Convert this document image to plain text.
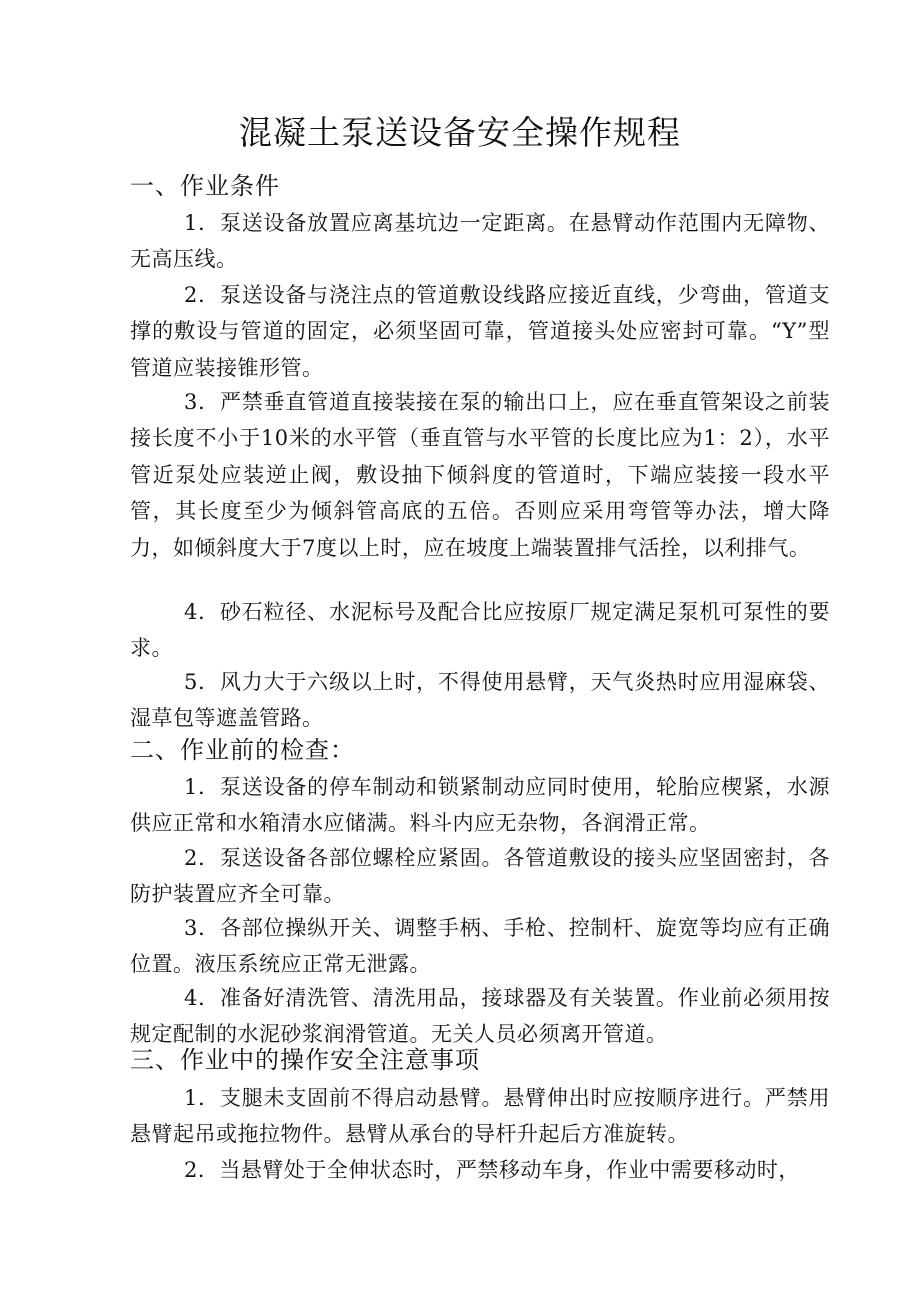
混凝土泵送设备安全操作规程
一、作业条件

1．泵送设备放置应离基坑边一定距离。在悬臂动作范围内无障物、无高压线。

2．泵送设备与浇注点的管道敷设线路应接近直线，少弯曲，管道支撑的敷设与管道的固定，必须坚固可靠，管道接头处应密封可靠。“Y”型管道应装接锥形管。

3．严禁垂直管道直接装接在泵的输出口上，应在垂直管架设之前装接长度不小于10米的水平管（垂直管与水平管的长度比应为1：2），水平管近泵处应装逆止阀，敷设抽下倾斜度的管道时，下端应装接一段水平管，其长度至少为倾斜管高底的五倍。否则应采用弯管等办法，增大降力，如倾斜度大于7度以上时，应在坡度上端装置排气活拴，以利排气。

4．砂石粒径、水泥标号及配合比应按原厂规定满足泵机可泵性的要求。

5．风力大于六级以上时，不得使用悬臂，天气炎热时应用湿麻袋、湿草包等遮盖管路。

二、作业前的检查：

1．泵送设备的停车制动和锁紧制动应同时使用，轮胎应楔紧，水源供应正常和水箱清水应储满。料斗内应无杂物，各润滑正常。

2．泵送设备各部位螺栓应紧固。各管道敷设的接头应坚固密封，各防护装置应齐全可靠。

3．各部位操纵开关、调整手柄、手枪、控制杆、旋宽等均应有正确位置。液压系统应正常无泄露。

4．准备好清洗管、清洗用品，接球器及有关装置。作业前必须用按规定配制的水泥砂浆润滑管道。无关人员必须离开管道。

三、作业中的操作安全注意事项

1．支腿未支固前不得启动悬臂。悬臂伸出时应按顺序进行。严禁用悬臂起吊或拖拉物件。悬臂从承台的导杆升起后方准旋转。

2．当悬臂处于全伸状态时，严禁移动车身，作业中需要移动时，
